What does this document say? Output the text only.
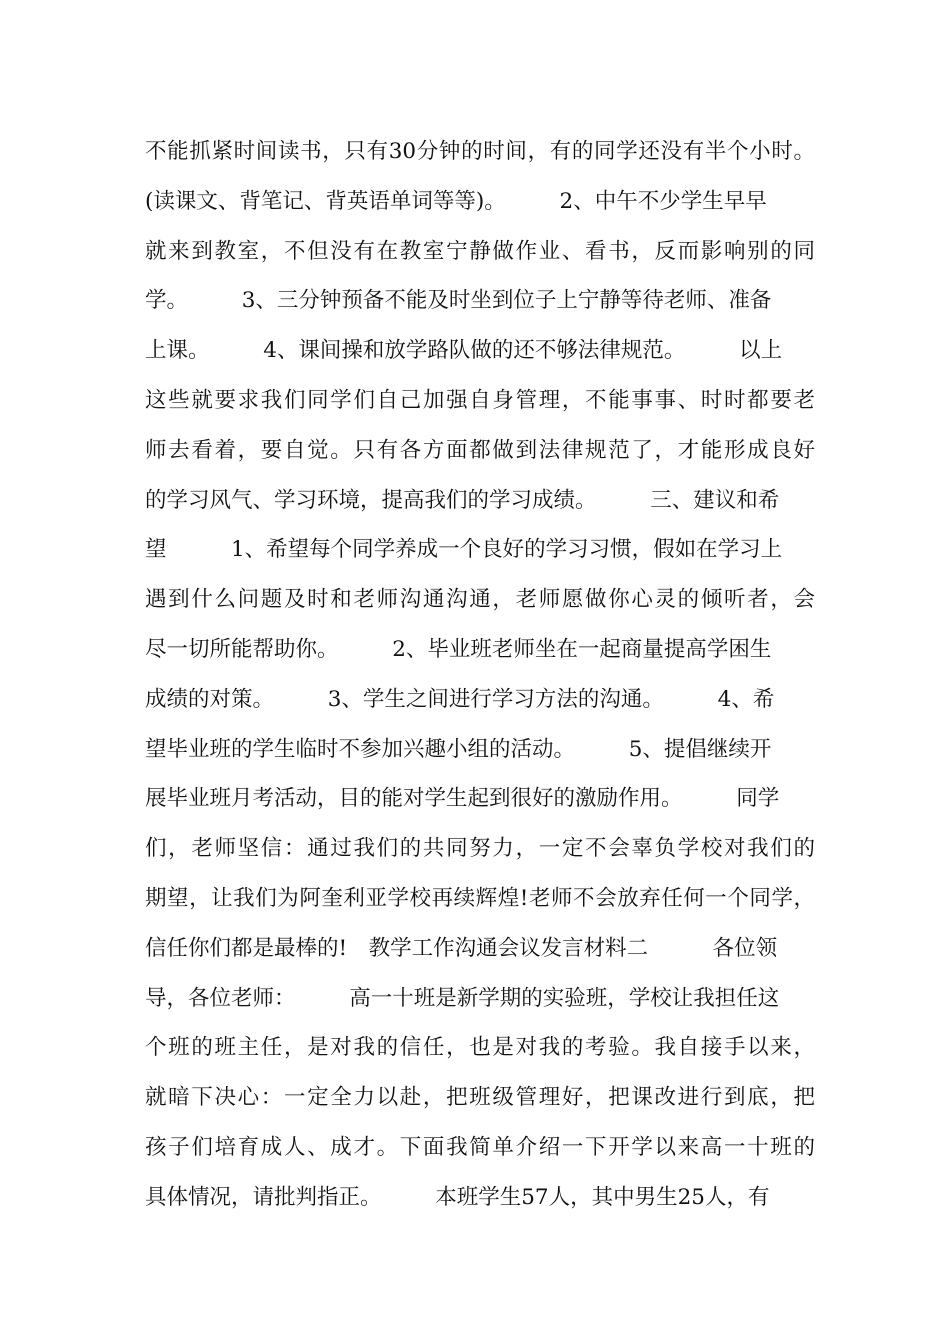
不能抓紧时间读书，只有30分钟的时间，有的同学还没有半个小时。
(读课文、背笔记、背英语单词等等)。　　　2、中午不少学生早早
就来到教室，不但没有在教室宁静做作业、看书，反而影响别的同
学。　　　3、三分钟预备不能及时坐到位子上宁静等待老师、准备
上课。　　　4、课间操和放学路队做的还不够法律规范。　　　以上
这些就要求我们同学们自己加强自身管理，不能事事、时时都要老
师去看着，要自觉。只有各方面都做到法律规范了，才能形成良好
的学习风气、学习环境，提高我们的学习成绩。　　　三、建议和希
望　　　1、希望每个同学养成一个良好的学习习惯，假如在学习上
遇到什么问题及时和老师沟通沟通，老师愿做你心灵的倾听者，会
尽一切所能帮助你。　　　2、毕业班老师坐在一起商量提高学困生
成绩的对策。　　　3、学生之间进行学习方法的沟通。　　　4、希
望毕业班的学生临时不参加兴趣小组的活动。　　　5、提倡继续开
展毕业班月考活动，目的能对学生起到很好的激励作用。　　　同学
们，老师坚信：通过我们的共同努力，一定不会辜负学校对我们的
期望，让我们为阿奎利亚学校再续辉煌!老师不会放弃任何一个同学，
信任你们都是最棒的!　教学工作沟通会议发言材料二　　　各位领
导，各位老师：　　　高一十班是新学期的实验班，学校让我担任这
个班的班主任，是对我的信任，也是对我的考验。我自接手以来，
就暗下决心：一定全力以赴，把班级管理好，把课改进行到底，把
孩子们培育成人、成才。下面我简单介绍一下开学以来高一十班的
具体情况，请批判指正。　　　本班学生57人，其中男生25人，有
